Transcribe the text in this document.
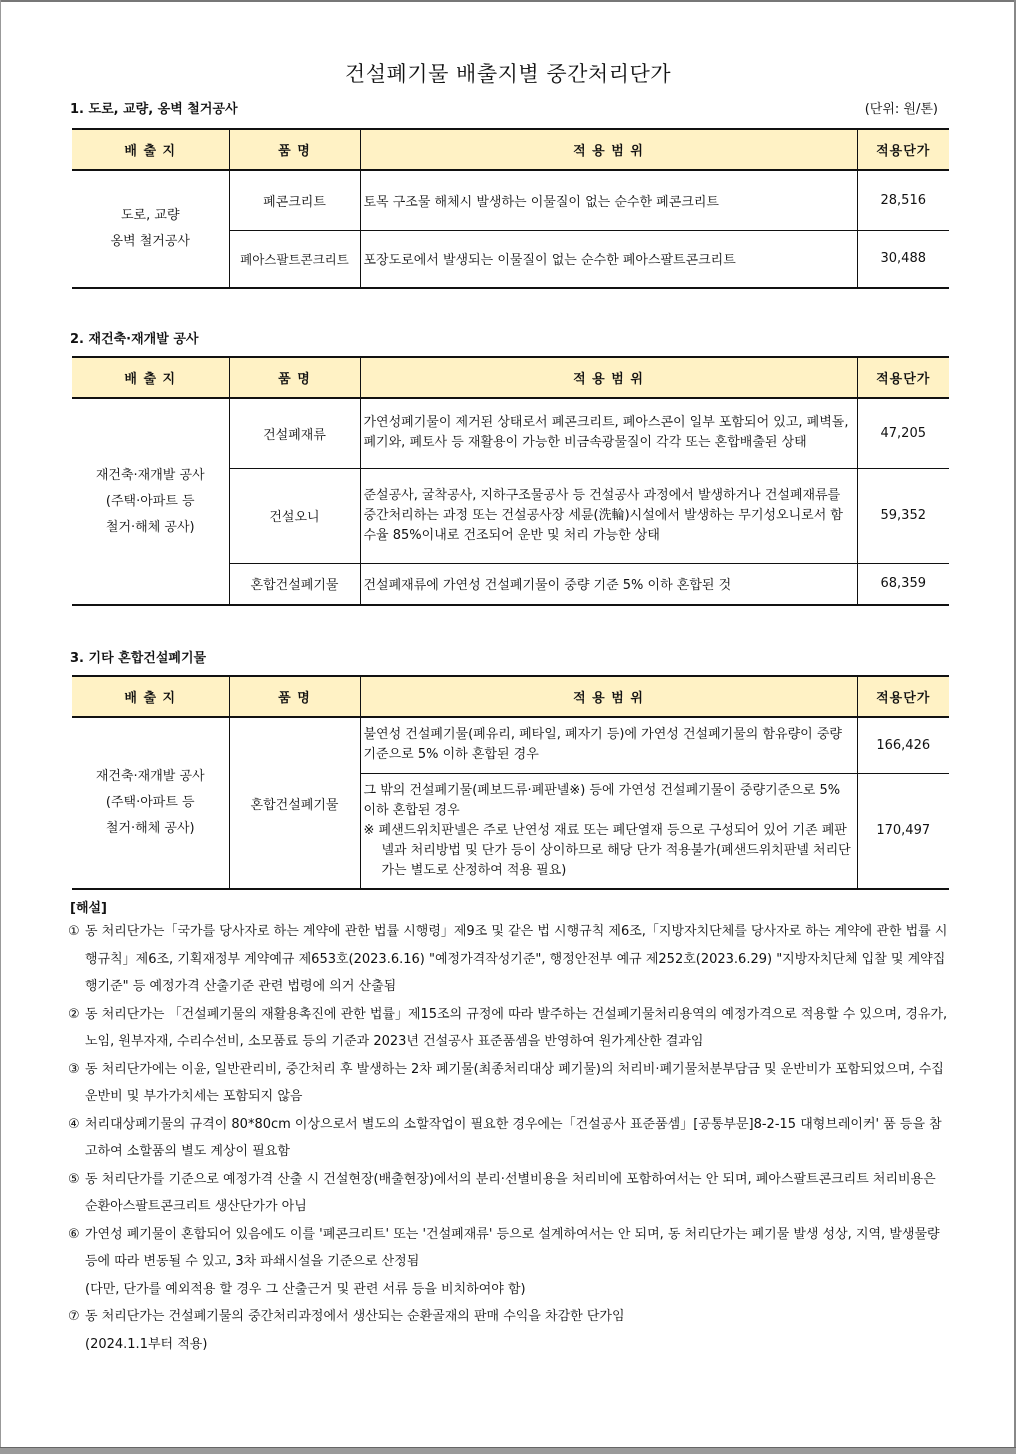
건설폐기물 배출지별 중간처리단가
1. 도로, 교량, 옹벽 철거공사	(단위: 원/톤)
배 출 지	품 명	적 용 범 위	적용단가

도로, 교량
옹벽 철거공사	폐콘크리트	토목 구조물 해체시 발생하는 이물질이 없는 순수한 폐콘크리트	28,516
	폐아스팔트콘크리트	포장도로에서 발생되는 이물질이 없는 순수한 폐아스팔트콘크리트	30,488
2. 재건축·재개발 공사
배 출 지	품 명	적 용 범 위	적용단가

재건축·재개발 공사
(주택·아파트 등
철거·해체 공사)	건설폐재류	가연성폐기물이 제거된 상태로서 폐콘크리트, 폐아스콘이 일부 포함되어 있고, 폐벽돌, 폐기와, 폐토사 등 재활용이 가능한 비금속광물질이 각각 또는 혼합배출된 상태	47,205
	건설오니	준설공사, 굴착공사, 지하구조물공사 등 건설공사 과정에서 발생하거나 건설폐재류를 중간처리하는 과정 또는 건설공사장 세륜(洗輪)시설에서 발생하는 무기성오니로서 함수율 85%이내로 건조되어 운반 및 처리 가능한 상태	59,352
	혼합건설폐기물	건설폐재류에 가연성 건설폐기물이 중량 기준 5% 이하 혼합된 것	68,359
3. 기타 혼합건설폐기물
배 출 지	품 명	적 용 범 위	적용단가

재건축·재개발 공사
(주택·아파트 등
철거·해체 공사)	혼합건설폐기물	불연성 건설폐기물(폐유리, 폐타일, 폐자기 등)에 가연성 건설폐기물의 함유량이 중량 기준으로 5% 이하 혼합된 경우	166,426
		그 밖의 건설폐기물(폐보드류·폐판넬※) 등에 가연성 건설폐기물이 중량기준으로 5% 이하 혼합된 경우
※ 폐샌드위치판넬은 주로 난연성 재료 또는 폐단열재 등으로 구성되어 있어 기존 폐판넬과 처리방법 및 단가 등이 상이하므로 해당 단가 적용불가(폐샌드위치판넬 처리단가는 별도로 산정하여 적용 필요)	170,497
[해설]
① 동 처리단가는「국가를 당사자로 하는 계약에 관한 법률 시행령」제9조 및 같은 법 시행규칙 제6조,「지방자치단체를 당사자로 하는 계약에 관한 법률 시행규칙」제6조, 기획재정부 계약예규 제653호(2023.6.16) "예정가격작성기준", 행정안전부 예규 제252호(2023.6.29) "지방자치단체 입찰 및 계약집행기준" 등 예정가격 산출기준 관련 법령에 의거 산출됨
② 동 처리단가는 「건설폐기물의 재활용촉진에 관한 법률」제15조의 규정에 따라 발주하는 건설폐기물처리용역의 예정가격으로 적용할 수 있으며, 경유가, 노임, 원부자재, 수리수선비, 소모품료 등의 기준과 2023년 건설공사 표준품셈을 반영하여 원가계산한 결과임
③ 동 처리단가에는 이윤, 일반관리비, 중간처리 후 발생하는 2차 폐기물(최종처리대상 폐기물)의 처리비·폐기물처분부담금 및 운반비가 포함되었으며, 수집운반비 및 부가가치세는 포함되지 않음
④ 처리대상폐기물의 규격이 80*80cm 이상으로서 별도의 소할작업이 필요한 경우에는「건설공사 표준품셈」[공통부문]8-2-15 대형브레이커' 품 등을 참고하여 소할품의 별도 계상이 필요함
⑤ 동 처리단가를 기준으로 예정가격 산출 시 건설현장(배출현장)에서의 분리·선별비용을 처리비에 포함하여서는 안 되며, 폐아스팔트콘크리트 처리비용은 순환아스팔트콘크리트 생산단가가 아님
⑥ 가연성 폐기물이 혼합되어 있음에도 이를 '폐콘크리트' 또는 '건설폐재류' 등으로 설계하여서는 안 되며, 동 처리단가는 폐기물 발생 성상, 지역, 발생물량 등에 따라 변동될 수 있고, 3차 파쇄시설을 기준으로 산정됨
(다만, 단가를 예외적용 할 경우 그 산출근거 및 관련 서류 등을 비치하여야 함)
⑦ 동 처리단가는 건설폐기물의 중간처리과정에서 생산되는 순환골재의 판매 수익을 차감한 단가임
(2024.1.1부터 적용)
